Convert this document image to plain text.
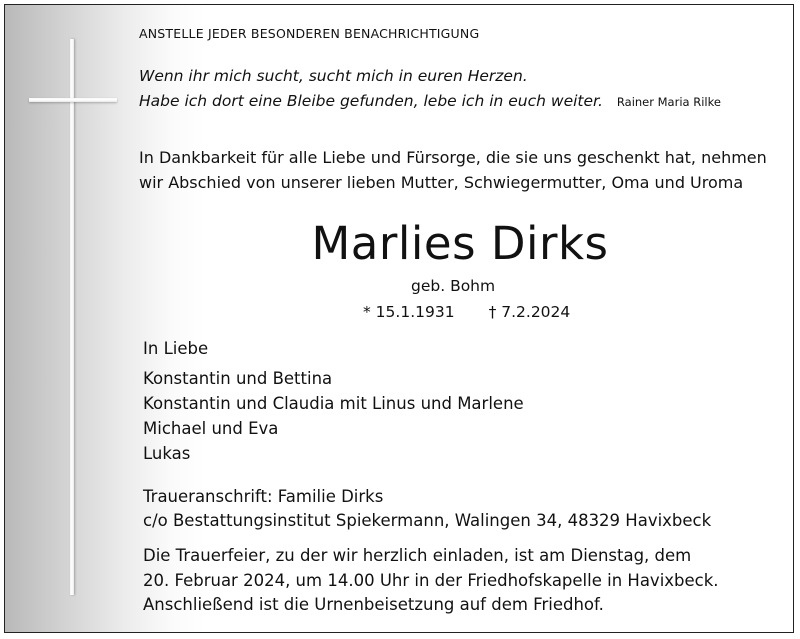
ANSTELLE JEDER BESONDEREN BENACHRICHTIGUNG
Wenn ihr mich sucht, sucht mich in euren Herzen.
Habe ich dort eine Bleibe gefunden, lebe ich in euch weiter. Rainer Maria Rilke
In Dankbarkeit für alle Liebe und Fürsorge, die sie uns geschenkt hat, nehmen
wir Abschied von unserer lieben Mutter, Schwiegermutter, Oma und Uroma
Marlies Dirks
geb. Bohm
* 15.1.1931 † 7.2.2024
In Liebe
Konstantin und Bettina
Konstantin und Claudia mit Linus und Marlene
Michael und Eva
Lukas
Traueranschrift: Familie Dirks
c/o Bestattungsinstitut Spiekermann, Walingen 34, 48329 Havixbeck
Die Trauerfeier, zu der wir herzlich einladen, ist am Dienstag, dem
20. Februar 2024, um 14.00 Uhr in der Friedhofskapelle in Havixbeck.
Anschließend ist die Urnenbeisetzung auf dem Friedhof.
